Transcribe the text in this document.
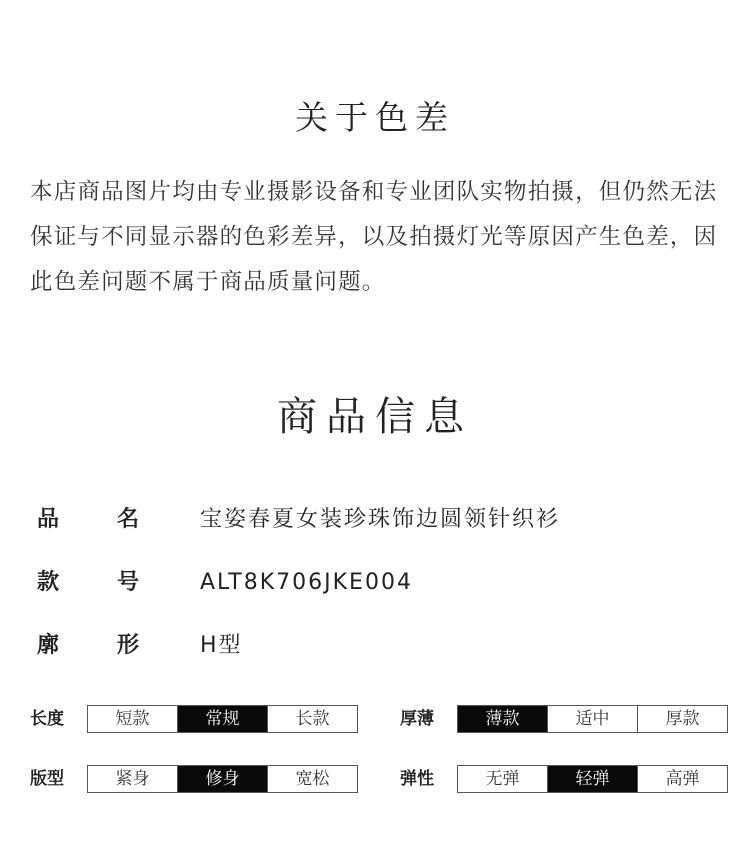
关于色差

本店商品图片均由专业摄影设备和专业团队实物拍摄，但仍然无法保证与不同显示器的色彩差异，以及拍摄灯光等原因产生色差，因此色差问题不属于商品质量问题。

商品信息
品名 宝姿春夏女装珍珠饰边圆领针织衫
款号 ALT8K706JKE004
廓形 H型
长度	短款	常规	长款	厚薄	薄款	适中	厚款
版型	紧身	修身	宽松	弹性	无弹	轻弹	高弹
